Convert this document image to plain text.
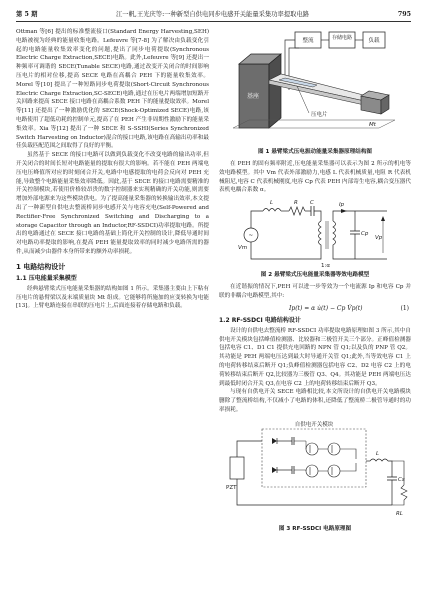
第 5 期	江一帆,王光庆等:一种新型自供电同步电感开关能量采集功率提取电路	795

Ottman 等[6] 提出的标准整流接口(Standard Energy Harvesting,SEH)电路被视为经典的能量收集电路。Lefeuvre 等[7-8] 为了解决由负载变化引起的电路能量收集效率变化的问题,提出了同步电荷提取(Synchronous Electric Charge Extraction,SECE)电路。此外,Lefeuvre 等[9] 还提出一种频率可调谐的 SECE(Tunable SECE)电路,通过改变开关闭合的时间影响压电片的相对位移,提高 SECE 电路在高耦合 PEH 下的能量收集效率。Morel 等[10] 提出了一种短路同步电荷提取(Short-Circuit Synchronous Electric Charge Extraction,SC-SECE)电路,通过在压电片两端增加短路开关回路来提高 SECE 接口电路在高耦合系数 PEH 下的能量提取效率。Morel 等[11] 还提出了一种激励优化的 SECE(Shock-Optimized SECE)电路,该电路使用了超低功耗的控制单元,提高了在 PEH 产生非周期性激励下的能量采集效率。Xia 等[12] 提出了一种 SECE 和 S-SSHI(Series Synchronized Switch Harvesting on Inductor)混合的接口电路,该电路在高输出功率和最佳负载匹配范围之间取得了良好的平衡。

虽然基于 SECE 的接口电路可以做到负载变化不改变电路的输出功率,但开关闭合的时间长短对电路能量的提取有很大的影响。若不能在 PEH 两端电压电压峰值所对应的时刻闭合开关,电路中电感提取的电荷会反向对 PEH 充能,导致整个电路能量采集效率降低。因此,基于 SECE 的接口电路需要精准的开关控制模块,若使用价格较昂贵的数字控制器来实现精确的开关功能,则需要增加外部电源来为这些模块供电。为了提高能量采集器的转换输出效率,本文提出了一种新型自供电去整流桥同步电感开关与电容充电(Self-Powered and Rectifier-Free Synchronized Switching and Discharging to a storage Capacitor through an Inductor,RF-SSDCI)功率提取电路。所提出的电路通过在 SECE 接口电路的基础上简化开关控制的设计,降低导通时间对电路功率提取的影响,在提高 PEH 能量提取效率的同时减少电路所需的器件,从而减少由器件本身所带来的额外功率损耗。

1 电路结构设计
1.1 压电能量采集模型

经典悬臂梁式压电能量采集器的结构如图 1 所示。采集器主要由上下粘有压电片的悬臂梁以及末端质量块 Mt 组成。它能够将所施加的应变转换为电能[13]。上臂电路连接在串联的压电片上,后面连接着存储电路和负载。

整流	存储电路	负载
基座
压电片
Mt
图 1 悬臂梁式压电振动能量采集器原理结构图

在 PEH 的固有频率附近,压电能量采集器可以表示为图 2 所示的机电等效电路模型。其中 Vm 代表外部激励力,电感 L 代表机械质量,电阻 R 代表机械阻尼,电容 C 代表机械刚度,电容 Cp 代表 PEH 内部寄生电容,耦合变压器代表机电耦合系数 α。

~
Vm
L	R C
1:α
Cp
Vp
Ip
图 2 悬臂梁式压电能量采集器等效电路模型

在近谐振的情况下,PEH 可以进一步等效为一个电流源 Ip 和电容 Cp 并联的非耦合电路模型,其中:

Ip(t) = α u̇(t) − Cp V̇p(t)	(1)
1.2 RF-SSDCI 电路结构设计

设计的自供电去整流桥 RF-SSDCI 功率提取电路原理如图 3 所示,其中自供电开关模块包括峰值检测器、比较器和三极管开关三个部分。正峰值检测器包括电容 C1、D1 C1 提供充电回路的 NPN 管 Q1;以及负的 PNP 管 Q2。其功能是 PEH 两端电压达到最大时导通开关管 Q1;此外,当等效电容 C1 上的电荷转移结束后断开 Q1;负峰值检测器包括电容 C2、D2 电容 C2 上的电荷转移结束后断开 Q2,比较器为三极管 Q3、Q4。其功能是 PEH 两端电压达到最低时闭合开关 Q3,在电容 C2 上的电荷转移结束后断开 Q3。

与现有自供电开关 SECE 电路相比较,本文所设计的自供电开关电路模块删除了整流桥结构,不仅减小了电路的体积,还降低了整流桥二极管导通时的功率损耗。

自供电开关模块
PZT
L
Cs
RL
图 3 RF-SSDCI 电路原理图
